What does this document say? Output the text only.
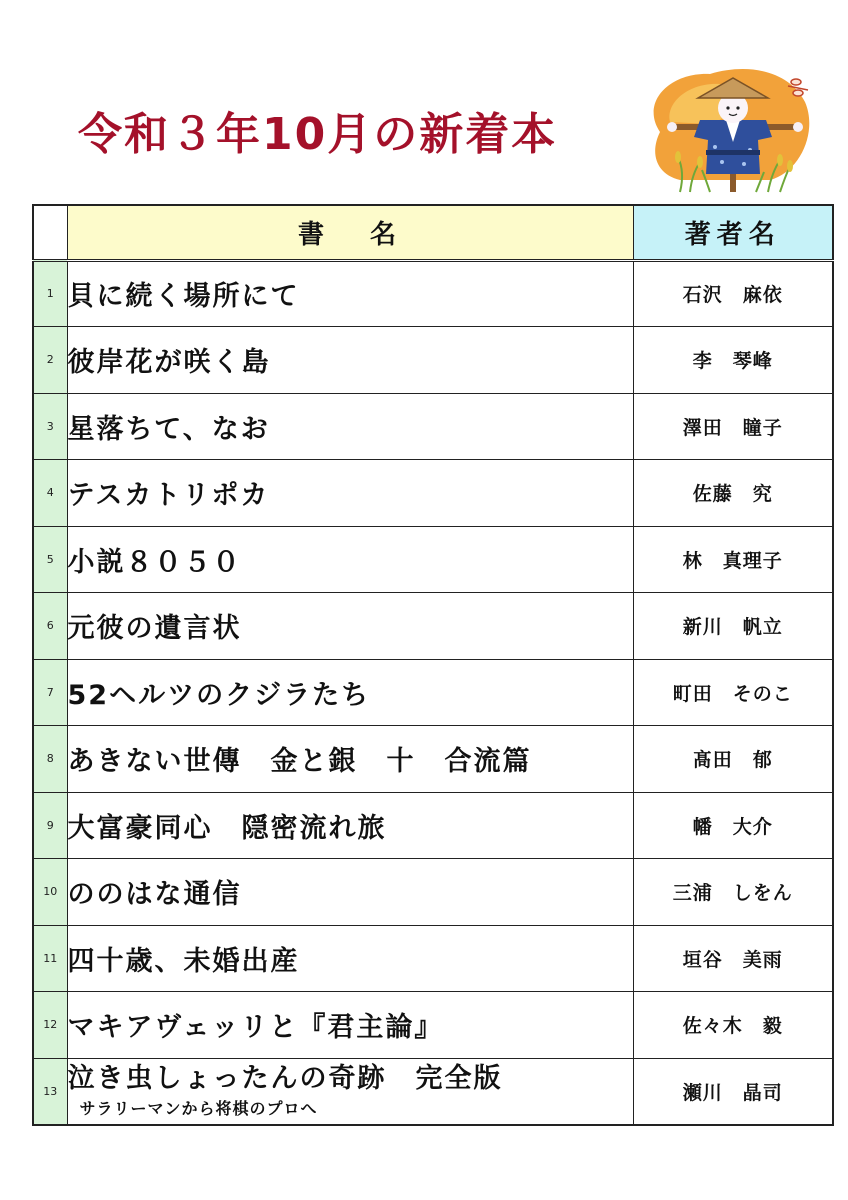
令和３年10月の新着本
	書 名	著者名
1	貝に続く場所にて	石沢　麻依
2	彼岸花が咲く島	李　琴峰
3	星落ちて、なお	澤田　瞳子
4	テスカトリポカ	佐藤　究
5	小説８０５０	林　真理子
6	元彼の遺言状	新川　帆立
7	52ヘルツのクジラたち	町田　そのこ
8	あきない世傳　金と銀　十　合流篇	髙田　郁
9	大富豪同心　隠密流れ旅	幡　大介
10	ののはな通信	三浦　しをん
11	四十歳、未婚出産	垣谷　美雨
12	マキアヴェッリと『君主論』	佐々木　毅
13	泣き虫しょったんの奇跡　完全版
サラリーマンから将棋のプロへ	瀬川　晶司
